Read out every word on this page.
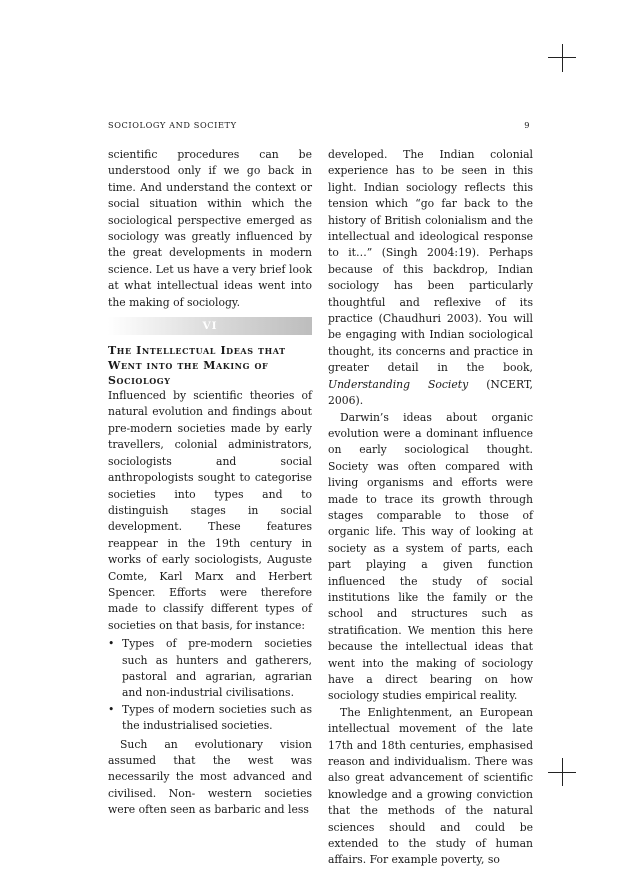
SOCIOLOGY AND SOCIETY	9

scientific procedures can be understood only if we go back in time. And understand the context or social situation within which the sociological perspective emerged as sociology was greatly influenced by the great developments in modern science. Let us have a very brief look at what intellectual ideas went into the making of sociology.

VI

The Intellectual Ideas that Went into the Making of Sociology

Influenced by scientific theories of natural evolution and findings about pre-modern societies made by early travellers, colonial administrators, sociologists and social anthropologists sought to categorise societies into types and to distinguish stages in social development. These features reappear in the 19th century in works of early sociologists, Auguste Comte, Karl Marx and Herbert Spencer. Efforts were therefore made to classify different types of societies on that basis, for instance:

• Types of pre-modern societies such as hunters and gatherers, pastoral and agrarian, agrarian and non-industrial civilisations.
• Types of modern societies such as the industrialised societies.

Such an evolutionary vision assumed that the west was necessarily the most advanced and civilised. Non- western societies were often seen as barbaric and less

developed. The Indian colonial experience has to be seen in this light. Indian sociology reflects this tension which “go far back to the history of British colonialism and the intellectual and ideological response to it…” (Singh 2004:19). Perhaps because of this backdrop, Indian sociology has been particularly thoughtful and reflexive of its practice (Chaudhuri 2003). You will be engaging with Indian sociological thought, its concerns and practice in greater detail in the book, Understanding Society (NCERT, 2006).

Darwin’s ideas about organic evolution were a dominant influence on early sociological thought. Society was often compared with living organisms and efforts were made to trace its growth through stages comparable to those of organic life. This way of looking at society as a system of parts, each part playing a given function influenced the study of social institutions like the family or the school and structures such as stratification. We mention this here because the intellectual ideas that went into the making of sociology have a direct bearing on how sociology studies empirical reality.

The Enlightenment, an European intellectual movement of the late 17th and 18th centuries, emphasised reason and individualism. There was also great advancement of scientific knowledge and a growing conviction that the methods of the natural sciences should and could be extended to the study of human affairs. For example poverty, so
